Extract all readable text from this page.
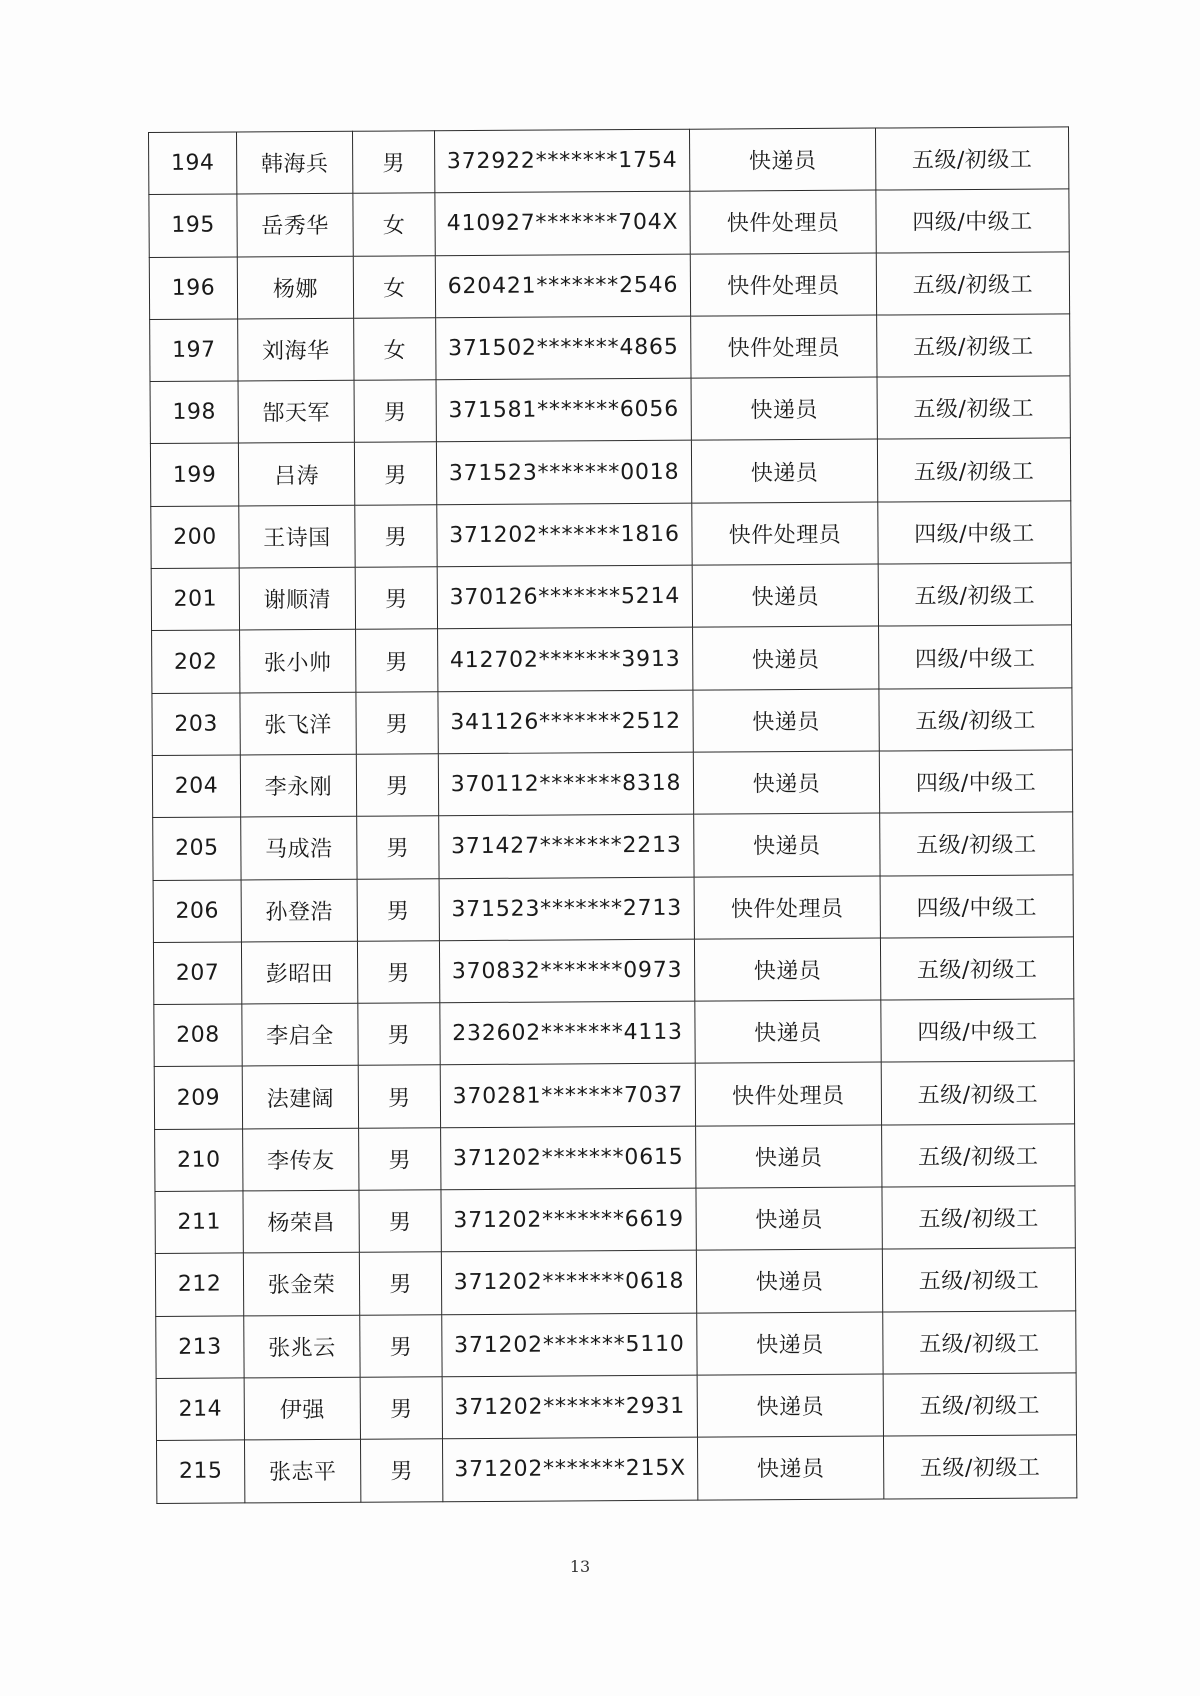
194	韩海兵	男	372922*******1754	快递员	五级/初级工
195	岳秀华	女	410927*******704X	快件处理员	四级/中级工
196	杨娜	女	620421*******2546	快件处理员	五级/初级工
197	刘海华	女	371502*******4865	快件处理员	五级/初级工
198	郜天军	男	371581*******6056	快递员	五级/初级工
199	吕涛	男	371523*******0018	快递员	五级/初级工
200	王诗国	男	371202*******1816	快件处理员	四级/中级工
201	谢顺清	男	370126*******5214	快递员	五级/初级工
202	张小帅	男	412702*******3913	快递员	四级/中级工
203	张飞洋	男	341126*******2512	快递员	五级/初级工
204	李永刚	男	370112*******8318	快递员	四级/中级工
205	马成浩	男	371427*******2213	快递员	五级/初级工
206	孙登浩	男	371523*******2713	快件处理员	四级/中级工
207	彭昭田	男	370832*******0973	快递员	五级/初级工
208	李启全	男	232602*******4113	快递员	四级/中级工
209	法建阔	男	370281*******7037	快件处理员	五级/初级工
210	李传友	男	371202*******0615	快递员	五级/初级工
211	杨荣昌	男	371202*******6619	快递员	五级/初级工
212	张金荣	男	371202*******0618	快递员	五级/初级工
213	张兆云	男	371202*******5110	快递员	五级/初级工
214	伊强	男	371202*******2931	快递员	五级/初级工
215	张志平	男	371202*******215X	快递员	五级/初级工
13
